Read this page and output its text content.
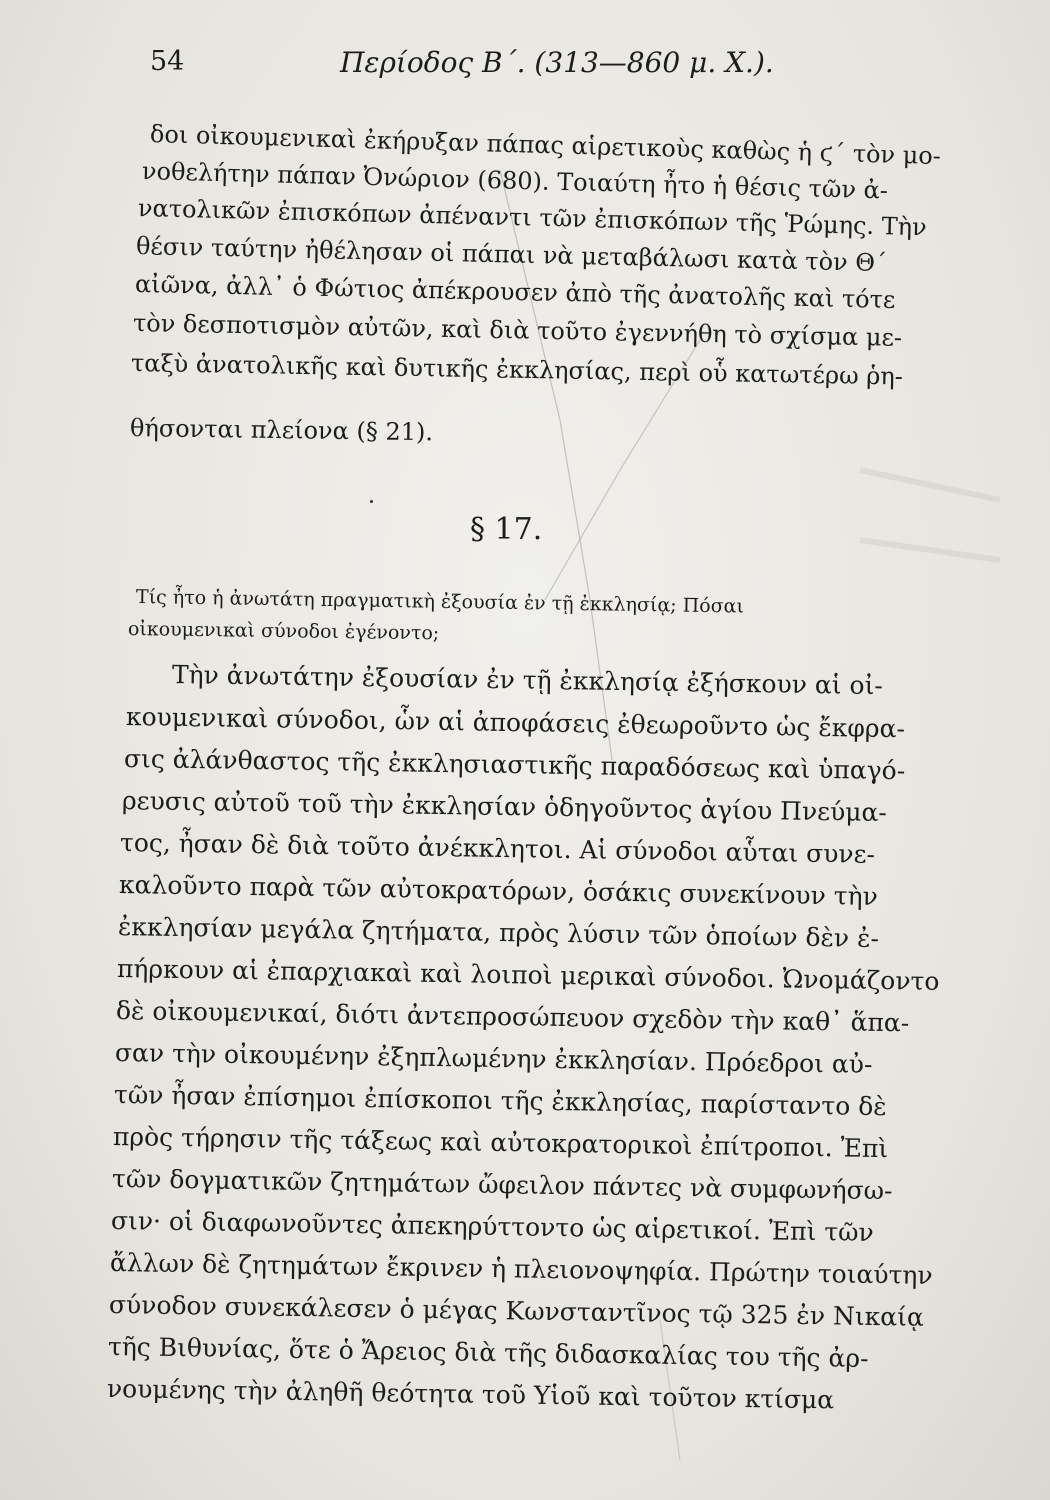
54	Περίοδος Β΄. (313—860 μ. Χ.).
δοι οἰκουμενικαὶ ἐκήρυξαν πάπας αἱρετικοὺς καθὼς ἡ ϛ΄ τὸν μο-
νοθελήτην πάπαν Ὀνώριον (680). Τοιαύτη ἦτο ἡ θέσις τῶν ἀ-
νατολικῶν ἐπισκόπων ἀπέναντι τῶν ἐπισκόπων τῆς Ῥώμης. Τὴν
θέσιν ταύτην ἠθέλησαν οἱ πάπαι νὰ μεταβάλωσι κατὰ τὸν Θ΄
αἰῶνα, ἀλλ᾽ ὁ Φώτιος ἀπέκρουσεν ἀπὸ τῆς ἀνατολῆς καὶ τότε
τὸν δεσποτισμὸν αὐτῶν, καὶ διὰ τοῦτο ἐγεννήθη τὸ σχίσμα με-
ταξὺ ἀνατολικῆς καὶ δυτικῆς ἐκκλησίας, περὶ οὗ κατωτέρω ῥη-
θήσονται πλείονα (§ 21).
§ 17.
Τίς ἦτο ἡ ἀνωτάτη πραγματικὴ ἐξουσία ἐν τῇ ἐκκλησίᾳ; Πόσαι
οἰκουμενικαὶ σύνοδοι ἐγένοντο;
Τὴν ἀνωτάτην ἐξουσίαν ἐν τῇ ἐκκλησίᾳ ἐξήσκουν αἱ οἰ-
κουμενικαὶ σύνοδοι, ὧν αἱ ἀποφάσεις ἐθεωροῦντο ὡς ἔκφρα-
σις ἀλάνθαστος τῆς ἐκκλησιαστικῆς παραδόσεως καὶ ὑπαγό-
ρευσις αὐτοῦ τοῦ τὴν ἐκκλησίαν ὁδηγοῦντος ἁγίου Πνεύμα-
τος, ἦσαν δὲ διὰ τοῦτο ἀνέκκλητοι. Αἱ σύνοδοι αὗται συνε-
καλοῦντο παρὰ τῶν αὐτοκρατόρων, ὁσάκις συνεκίνουν τὴν
ἐκκλησίαν μεγάλα ζητήματα, πρὸς λύσιν τῶν ὁποίων δὲν ἐ-
πήρκουν αἱ ἐπαρχιακαὶ καὶ λοιποὶ μερικαὶ σύνοδοι. Ὠνομάζοντο
δὲ οἰκουμενικαί, διότι ἀντεπροσώπευον σχεδὸν τὴν καθ᾽ ἅπα-
σαν τὴν οἰκουμένην ἐξηπλωμένην ἐκκλησίαν. Πρόεδροι αὐ-
τῶν ἦσαν ἐπίσημοι ἐπίσκοποι τῆς ἐκκλησίας, παρίσταντο δὲ
πρὸς τήρησιν τῆς τάξεως καὶ αὐτοκρατορικοὶ ἐπίτροποι. Ἐπὶ
τῶν δογματικῶν ζητημάτων ὤφειλον πάντες νὰ συμφωνήσω-
σιν· οἱ διαφωνοῦντες ἀπεκηρύττοντο ὡς αἱρετικοί. Ἐπὶ τῶν
ἄλλων δὲ ζητημάτων ἔκρινεν ἡ πλειονοψηφία. Πρώτην τοιαύτην
σύνοδον συνεκάλεσεν ὁ μέγας Κωνσταντῖνος τῷ 325 ἐν Νικαίᾳ
τῆς Βιθυνίας, ὅτε ὁ Ἄρειος διὰ τῆς διδασκαλίας του τῆς ἀρ-
νουμένης τὴν ἀληθῆ θεότητα τοῦ Υἱοῦ καὶ τοῦτον κτίσμα
